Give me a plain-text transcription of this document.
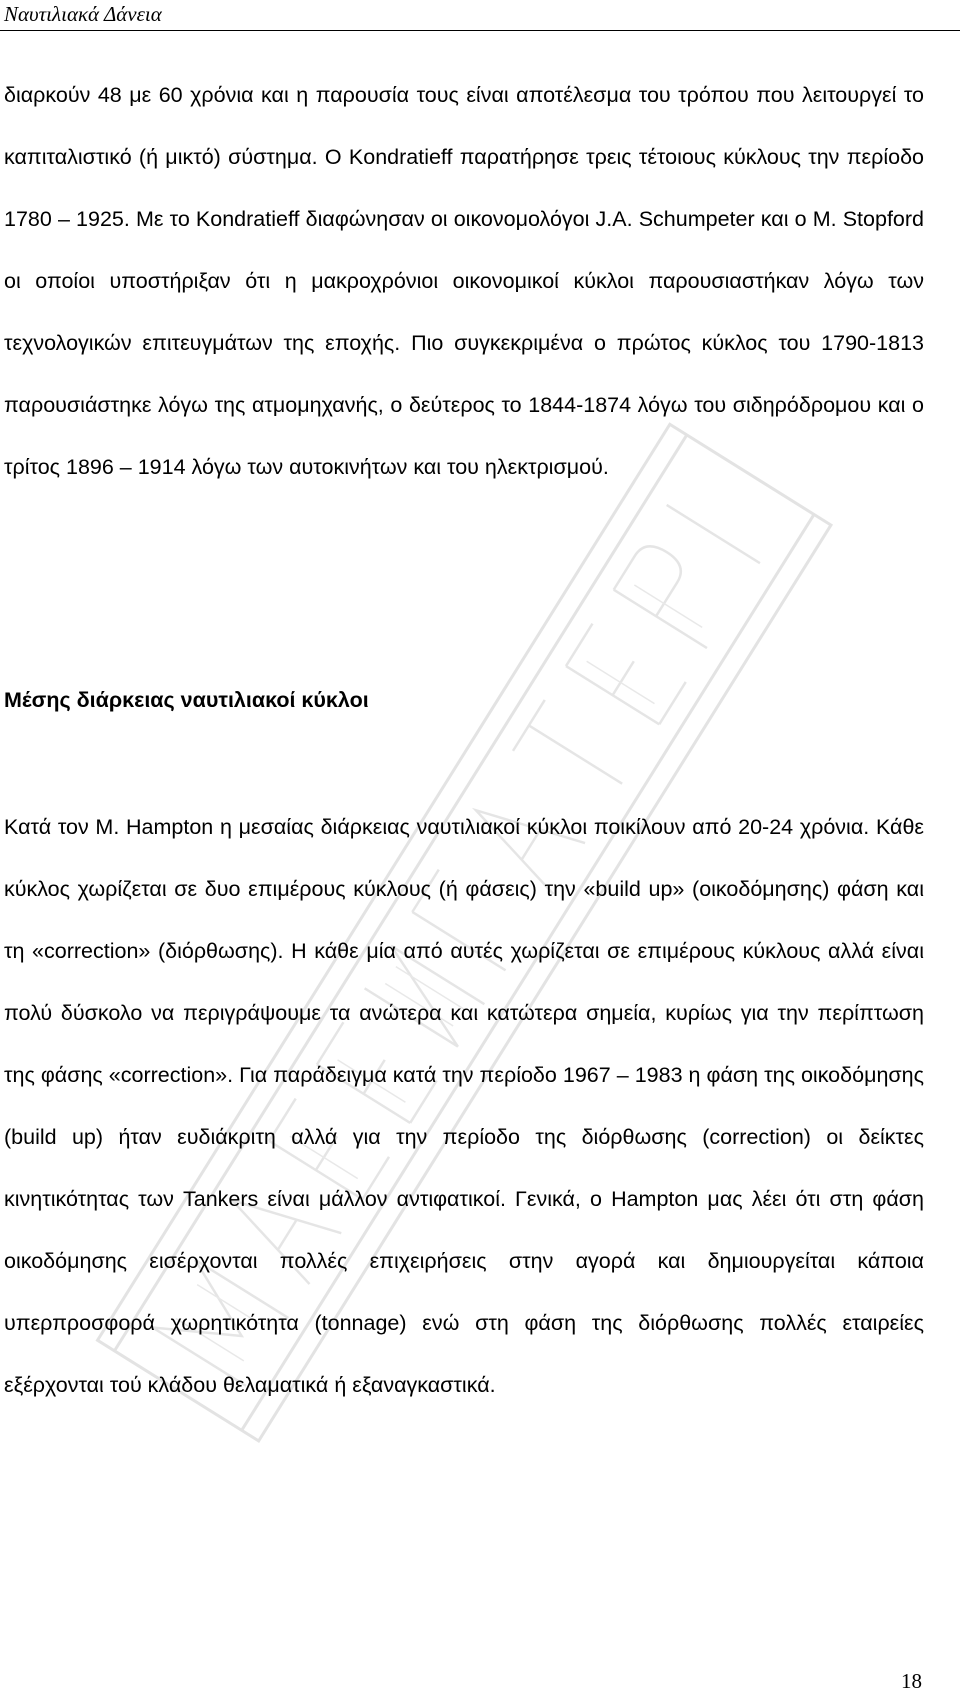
Ναυτιλιακά Δάνεια

διαρκούν 48 με 60 χρόνια και η παρουσία τους είναι αποτέλεσμα του τρόπου που λειτουργεί το καπιταλιστικό (ή μικτό) σύστημα. Ο Kondratieff παρατήρησε τρεις τέτοιους κύκλους την περίοδο 1780 – 1925. Με το Kondratieff διαφώνησαν οι οικονομολόγοι J.A. Schumpeter και ο M. Stopford οι οποίοι υποστήριξαν ότι η μακροχρόνιοι οικονομικοί κύκλοι παρουσιαστήκαν λόγω των τεχνολογικών επιτευγμάτων της εποχής. Πιο συγκεκριμένα ο πρώτος κύκλος του 1790-1813 παρουσιάστηκε λόγω της ατμομηχανής, ο δεύτερος το 1844-1874 λόγω του σιδηρόδρομου και ο τρίτος 1896 – 1914 λόγω των αυτοκινήτων και του ηλεκτρισμού.

Μέσης διάρκειας ναυτιλιακοί κύκλοι

Κατά τον M. Hampton η μεσαίας διάρκειας ναυτιλιακοί κύκλοι ποικίλουν από 20-24 χρόνια. Κάθε κύκλος χωρίζεται σε δυο επιμέρους κύκλους (ή φάσεις) την «build up» (οικοδόμησης) φάση και τη «correction» (διόρθωσης). Η κάθε μία από αυτές χωρίζεται σε επιμέρους κύκλους αλλά είναι πολύ δύσκολο να περιγράψουμε τα ανώτερα και κατώτερα σημεία, κυρίως για την περίπτωση της φάσης «correction». Για παράδειγμα κατά την περίοδο 1967 – 1983 η φάση της οικοδόμησης (build up) ήταν ευδιάκριτη αλλά για την περίοδο της διόρθωσης (correction) οι δείκτες κινητικότητας των Tankers είναι μάλλον αντιφατικοί. Γενικά, ο Hampton μας λέει ότι στη φάση οικοδόμησης εισέρχονται πολλές επιχειρήσεις στην αγορά και δημιουργείται κάποια υπερπροσφορά χωρητικότητα (tonnage) ενώ στη φάση της διόρθωσης πολλές εταιρείες εξέρχονται τού κλάδου θελαματικά ή εξαναγκαστικά.

18
